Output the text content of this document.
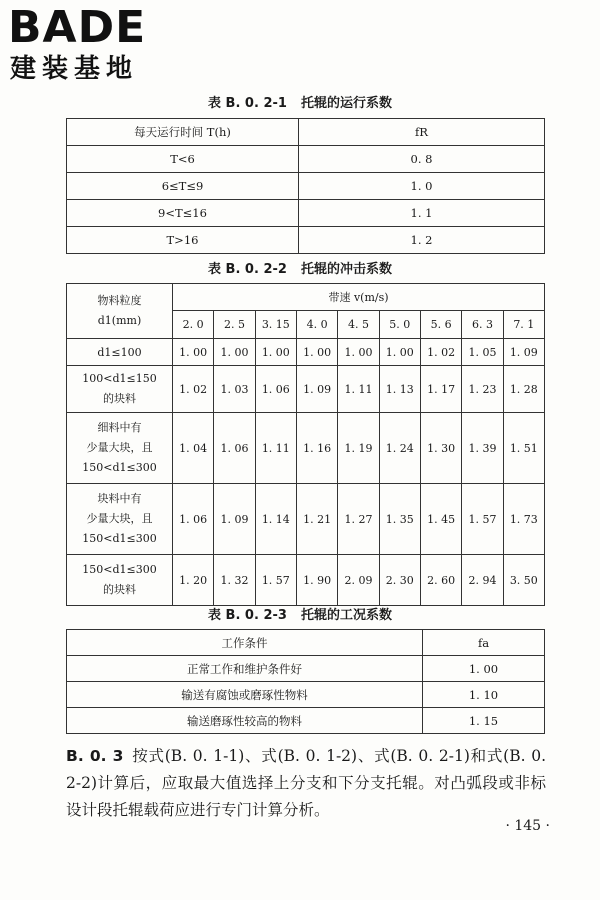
BADE
建装基地
表 B. 0. 2-1 托辊的运行系数
每天运行时间 T(h)	fR
T<6	0. 8
6≤T≤9	1. 0
9<T≤16	1. 1
T>16	1. 2
表 B. 0. 2-2 托辊的冲击系数
物料粒度
d1(mm)	带速 v(m/s)								
	2. 0	2. 5	3. 15	4. 0	4. 5	5. 0	5. 6	6. 3	7. 1
d1≤100	1. 00	1. 00	1. 00	1. 00	1. 00	1. 00	1. 02	1. 05	1. 09

100<d1≤150
的块料	1. 02	1. 03	1. 06	1. 09	1. 11	1. 13	1. 17	1. 23	1. 28

细料中有
少量大块，且
150<d1≤300	1. 04	1. 06	1. 11	1. 16	1. 19	1. 24	1. 30	1. 39	1. 51

块料中有
少量大块，且
150<d1≤300	1. 06	1. 09	1. 14	1. 21	1. 27	1. 35	1. 45	1. 57	1. 73

150<d1≤300
的块料	1. 20	1. 32	1. 57	1. 90	2. 09	2. 30	2. 60	2. 94	3. 50
表 B. 0. 2-3 托辊的工况系数
工作条件	fa
正常工作和维护条件好	1. 00
输送有腐蚀或磨琢性物料	1. 10
输送磨琢性较高的物料	1. 15
B. 0. 3 按式(B. 0. 1-1)、式(B. 0. 1-2)、式(B. 0. 2-1)和式(B. 0. 2-2)计算后，应取最大值选择上分支和下分支托辊。对凸弧段或非标设计段托辊载荷应进行专门计算分析。
· 145 ·
